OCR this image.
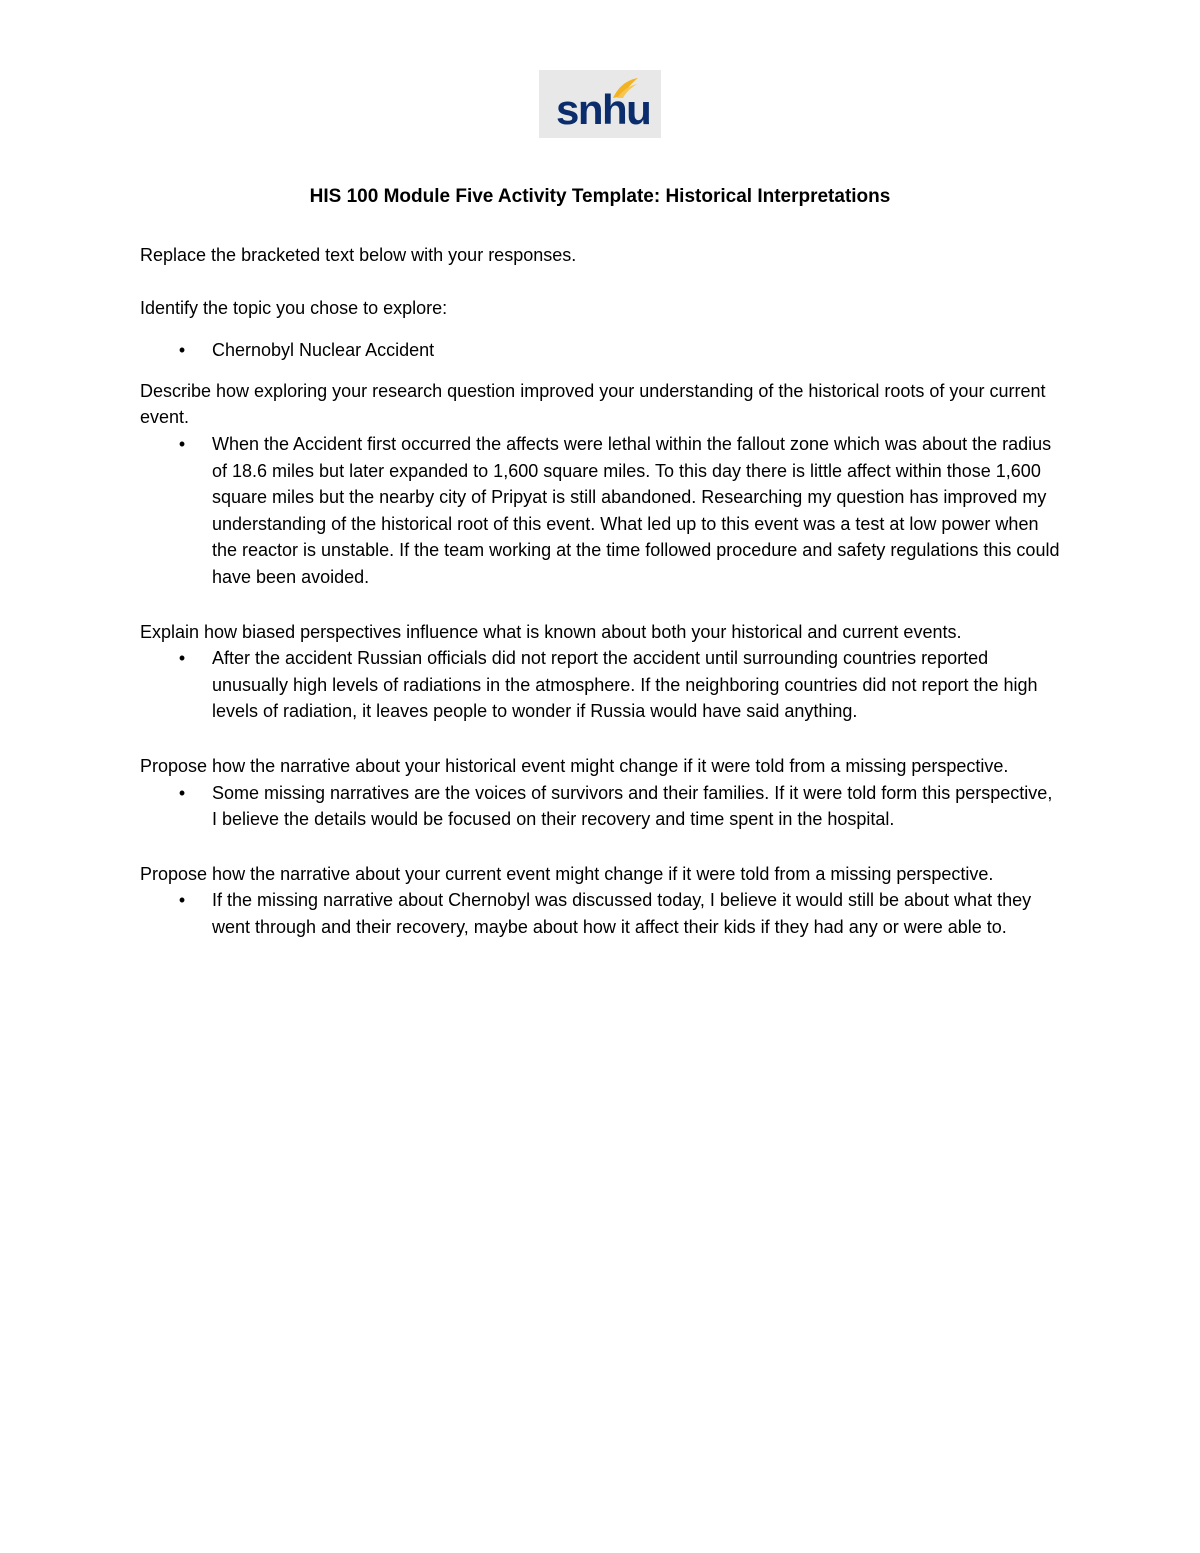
snhu
HIS 100 Module Five Activity Template: Historical Interpretations

Replace the bracketed text below with your responses.

Identify the topic you chose to explore:

• Chernobyl Nuclear Accident

Describe how exploring your research question improved your understanding of the historical roots of your current event.

• When the Accident first occurred the affects were lethal within the fallout zone which was about the radius of 18.6 miles but later expanded to 1,600 square miles. To this day there is little affect within those 1,600 square miles but the nearby city of Pripyat is still abandoned. Researching my question has improved my understanding of the historical root of this event. What led up to this event was a test at low power when the reactor is unstable. If the team working at the time followed procedure and safety regulations this could have been avoided.

Explain how biased perspectives influence what is known about both your historical and current events.

• After the accident Russian officials did not report the accident until surrounding countries reported unusually high levels of radiations in the atmosphere. If the neighboring countries did not report the high levels of radiation, it leaves people to wonder if Russia would have said anything.

Propose how the narrative about your historical event might change if it were told from a missing perspective.

• Some missing narratives are the voices of survivors and their families. If it were told form this perspective, I believe the details would be focused on their recovery and time spent in the hospital.

Propose how the narrative about your current event might change if it were told from a missing perspective.

• If the missing narrative about Chernobyl was discussed today, I believe it would still be about what they went through and their recovery, maybe about how it affect their kids if they had any or were able to.
